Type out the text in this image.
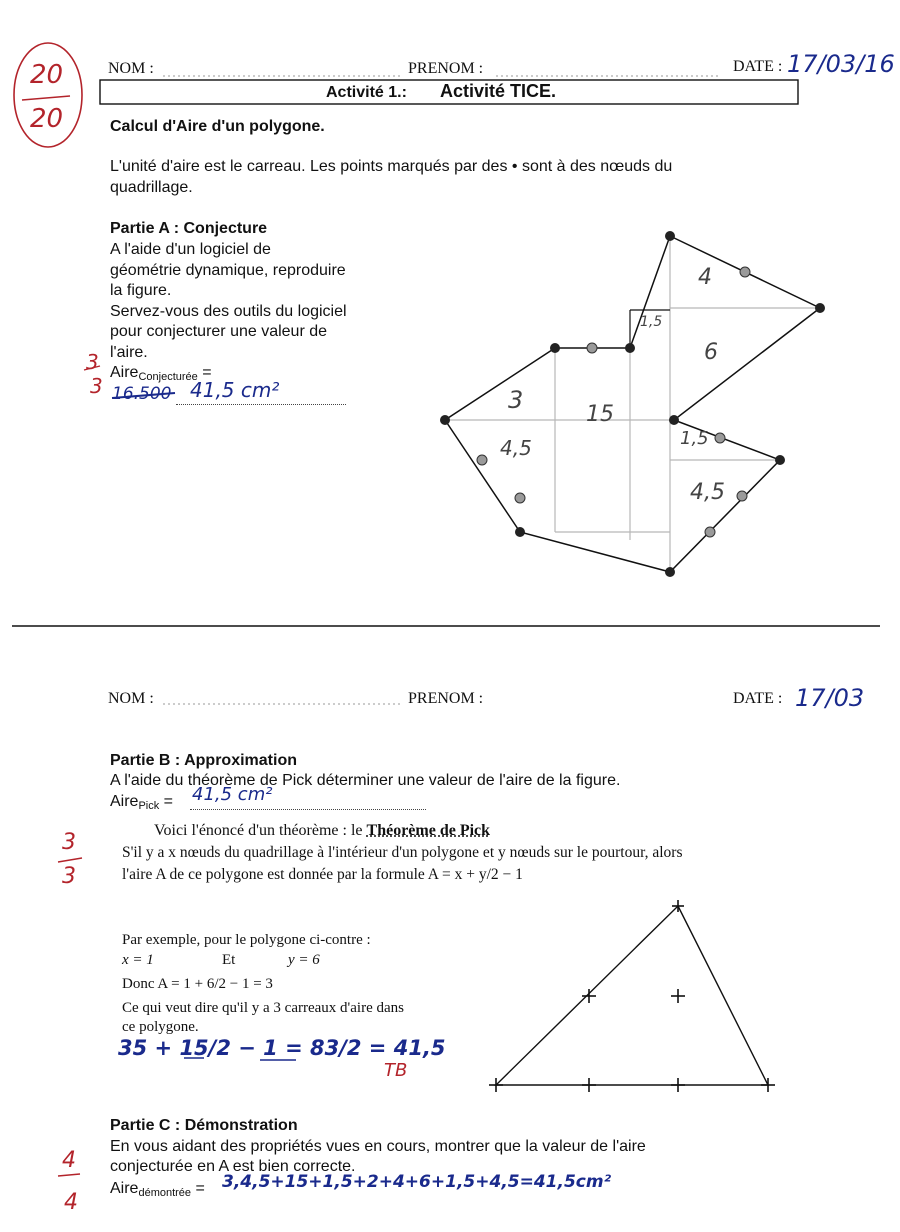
20
20
NOM :	PRENOM :	DATE : 17/03/16
Activité 1.: Activité TICE.
Calcul d'Aire d'un polygone.
L'unité d'aire est le carreau. Les points marqués par des • sont à des nœuds du
quadrillage.
Partie A : Conjecture
A l'aide d'un logiciel de
géométrie dynamique, reproduire
la figure.
Servez-vous des outils du logiciel
pour conjecturer une valeur de
l'aire.
Aire$_{Conjecturée}$ =
16.500 41,5 cm²
3
3
4
1,5
6
3
15
4,5	1,5
4,5
NOM :	PRENOM :	DATE : 17/03
Partie B : Approximation
A l'aide du théorème de Pick déterminer une valeur de l'aire de la figure.
Aire$_{Pick}$ = 41,5 cm²
3
3
Voici l'énoncé d'un théorème : le Théorème de Pick
S'il y a x nœuds du quadrillage à l'intérieur d'un polygone et y nœuds sur le pourtour, alors
l'aire A de ce polygone est donnée par la formule A = x + y/2 − 1
Par exemple, pour le polygone ci-contre :
x = 1	Et	y = 6
Donc A = 1 + 6/2 − 1 = 3
Ce qui veut dire qu'il y a 3 carreaux d'aire dans
ce polygone.
35 + 15/2 − 1 = 83/2 = 41,5
TB
Partie C : Démonstration
En vous aidant des propriétés vues en cours, montrer que la valeur de l'aire
conjecturée en A est bien correcte.
Aire$_{démontrée}$ = 3,4,5+15+1,5+2+4+6+1,5+4,5=41,5cm²
4
4
